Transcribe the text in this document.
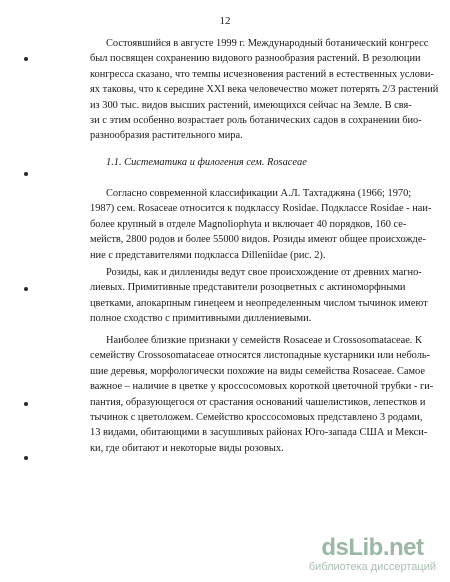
12
Состоявшийся в августе 1999 г. Международный ботанический конгресс
был посвящен сохранению видового разнообразия растений. В резолюции
конгресса сказано, что темпы исчезновения растений в естественных услови-
ях таковы, что к середине XXI века человечество может потерять 2/3 растений
из 300 тыс. видов высших растений, имеющихся сейчас на Земле. В свя-
зи с этим особенно возрастает роль ботанических садов в сохранении био-
разнообразия растительного мира.
1.1. Систематика и филогения сем. Rosaceae
Согласно современной классификации А.Л. Тахтаджяна (1966; 1970;
1987) сем. Rosaceae относится к подклассу Rosidae. Подклассе Rosidae - наи-
более крупный в отделе Magnoliophyta и включает 40 порядков, 160 се-
мейств, 2800 родов и более 55000 видов. Розиды имеют общее происхожде-
ние с представителями подкласса Dilleniidae (рис. 2).
Розиды, как и диллениды ведут свое происхождение от древних магно-
лиевых. Примитивные представители розоцветных с актиноморфными
цветками, апокарпным гинецеем и неопределенным числом тычинок имеют
полное сходство с примитивными диллениевыми.
Наиболее близкие признаки у семейств Rosaceae и Crossosomataceae. К
семейству Crossosomataceae относятся листопадные кустарники или неболь-
шие деревья, морфологически похожие на виды семейства Rosaceae. Самое
важное – наличие в цветке у кроссосомовых короткой цветочной трубки - ги-
пантия, образующегося от срастания оснований чашелистиков, лепестков и
тычинок с цветоложем. Семейство кроссосомовых представлено 3 родами,
13 видами, обитающими в засушливых районах Юго-запада США и Мекси-
ки, где обитают и некоторые виды розовых.
dsLib.net
библиотека диссертаций
